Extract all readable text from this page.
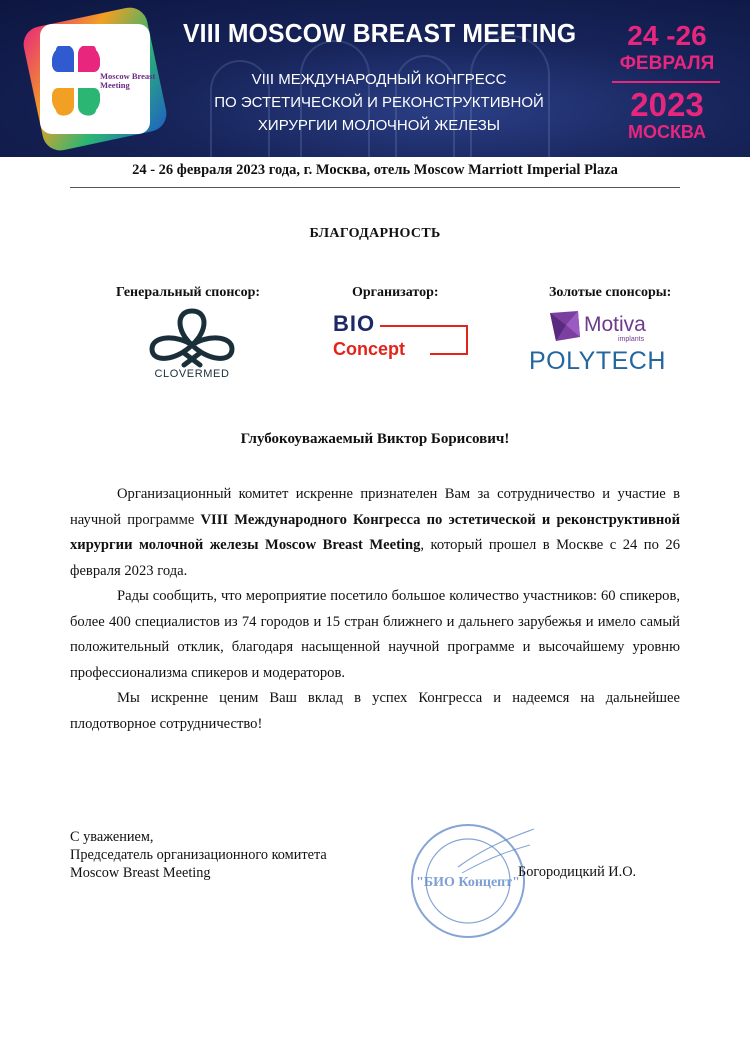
Moscow Breast Meeting
VIII MOSCOW BREAST MEETING
VIII МЕЖДУНАРОДНЫЙ КОНГРЕСС
ПО ЭСТЕТИЧЕСКОЙ И РЕКОНСТРУКТИВНОЙ
ХИРУРГИИ МОЛОЧНОЙ ЖЕЛЕЗЫ
24 -26
ФЕВРАЛЯ
2023
МОСКВА
24 - 26 февраля 2023 года, г. Москва, отель Moscow Marriott Imperial Plaza
БЛАГОДАРНОСТЬ
Генеральный спонсор:	Организатор:	Золотые спонсоры:
CLOVERMED
BIO
Concept
Motiva
implants
POLYTECH
Глубокоуважаемый Виктор Борисович!
Организационный комитет искренне признателен Вам за сотрудничество и участие в научной программе VIII Международного Конгресса по эстетической и реконструктивной хирургии молочной железы Moscow Breast Meeting, который прошел в Москве с 24 по 26 февраля 2023 года.
Рады сообщить, что мероприятие посетило большое количество участников: 60 спикеров, более 400 специалистов из 74 городов и 15 стран ближнего и дальнего зарубежья и имело самый положительный отклик, благодаря насыщенной научной программе и высочайшему уровню профессионализма спикеров и модераторов.
Мы искренне ценим Ваш вклад в успех Конгресса и надеемся на дальнейшее плодотворное сотрудничество!
С уважением,
Председатель организационного комитета
Moscow Breast Meeting
"БИО Концепт"
Богородицкий И.О.
